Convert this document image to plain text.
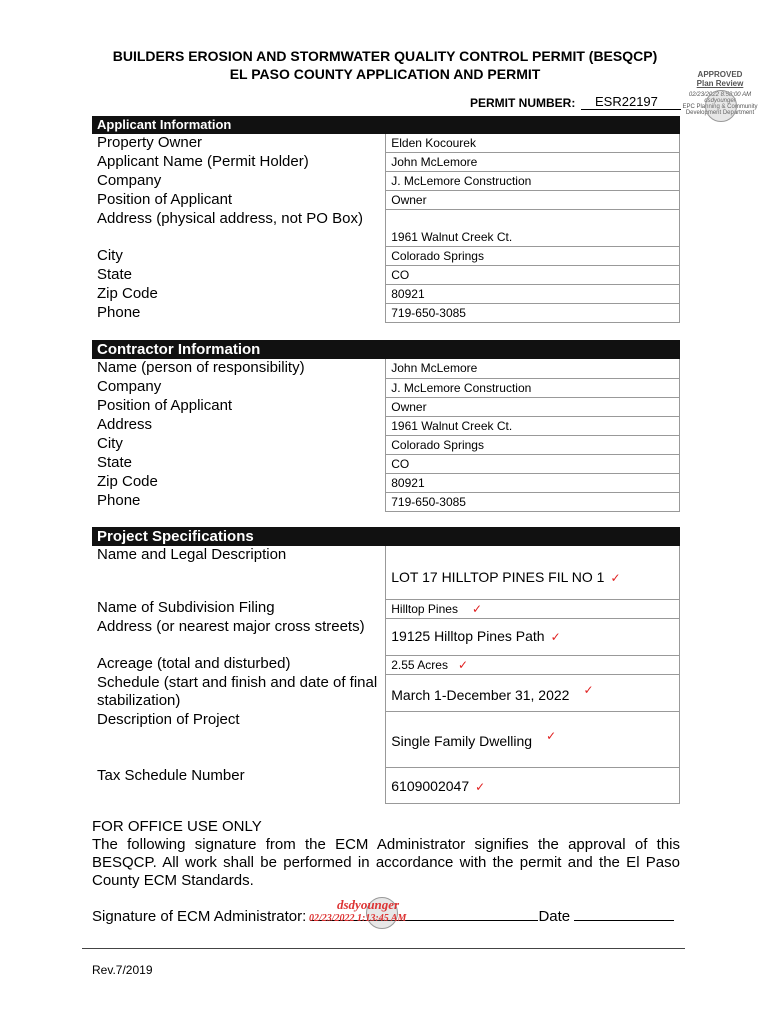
BUILDERS EROSION AND STORMWATER QUALITY CONTROL PERMIT (BESQCP)
EL PASO COUNTY APPLICATION AND PERMIT	APPROVED
Plan Review
02/23/2022 8:58:00 AM
dsdyounger
EPC Planning & Community
Development Department
PERMIT NUMBER:	ESR22197
Applicant Information	
Property Owner	Elden Kocourek
Applicant Name (Permit Holder)	John McLemore
Company	J. McLemore Construction
Position of Applicant	Owner
Address (physical address, not PO Box)	1961 Walnut Creek Ct.
City	Colorado Springs
State	CO
Zip Code	80921
Phone	719-650-3085
Contractor Information	
Name (person of responsibility)	John McLemore
Company	J. McLemore Construction
Position of Applicant	Owner
Address	1961 Walnut Creek Ct.
City	Colorado Springs
State	CO
Zip Code	80921
Phone	719-650-3085
Project Specifications	
Name and Legal Description	LOT 17 HILLTOP PINES FIL NO 1 ✓
Name of Subdivision Filing	Hilltop Pines ✓
Address (or nearest major cross streets)	19125 Hilltop Pines Path ✓
Acreage (total and disturbed)	2.55 Acres ✓
Schedule (start and finish and date of final stabilization)	March 1-December 31, 2022 ✓
Description of Project	Single Family Dwelling ✓
Tax Schedule Number	6109002047 ✓
FOR OFFICE USE ONLY
The following signature from the ECM Administrator signifies the approval of this BESQCP. All work shall be performed in accordance with the permit and the El Paso County ECM Standards.
Signature of ECM Administrator:	Date
dsdyounger
02/23/2022 1:13:45 AM
Rev.7/2019
